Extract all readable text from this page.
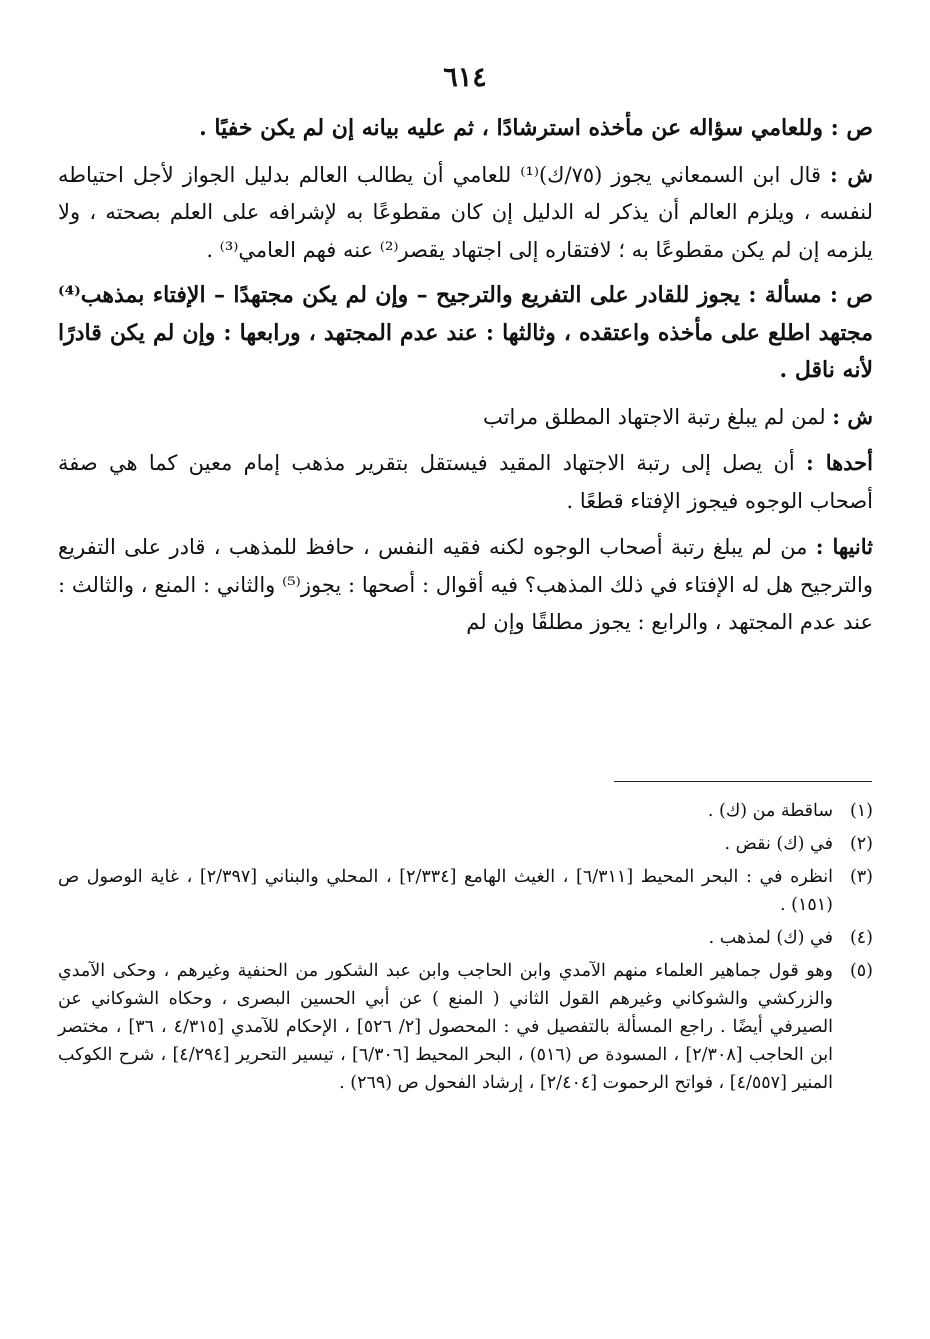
٦١٤

ص : وللعامي سؤاله عن مأخذه استرشادًا ، ثم عليه بيانه إن لم يكن خفيًا .

ش : قال ابن السمعاني يجوز (٧٥/ك)⁽¹⁾ للعامي أن يطالب العالم بدليل الجواز لأجل احتياطه لنفسه ، ويلزم العالم أن يذكر له الدليل إن كان مقطوعًا به لإشرافه على العلم بصحته ، ولا يلزمه إن لم يكن مقطوعًا به ؛ لافتقاره إلى اجتهاد يقصر⁽²⁾ عنه فهم العامي⁽³⁾ .

ص : مسألة : يجوز للقادر على التفريع والترجيح – وإن لم يكن مجتهدًا – الإفتاء بمذهب⁽⁴⁾ مجتهد اطلع على مأخذه واعتقده ، وثالثها : عند عدم المجتهد ، ورابعها : وإن لم يكن قادرًا لأنه ناقل .

ش : لمن لم يبلغ رتبة الاجتهاد المطلق مراتب

أحدها : أن يصل إلى رتبة الاجتهاد المقيد فيستقل بتقرير مذهب إمام معين كما هي صفة أصحاب الوجوه فيجوز الإفتاء قطعًا .

ثانيها : من لم يبلغ رتبة أصحاب الوجوه لكنه فقيه النفس ، حافظ للمذهب ، قادر على التفريع والترجيح هل له الإفتاء في ذلك المذهب؟ فيه أقوال : أصحها : يجوز⁽⁵⁾ والثاني : المنع ، والثالث : عند عدم المجتهد ، والرابع : يجوز مطلقًا وإن لم

(١)
ساقطة من (ك) .
(٢)
في (ك) نقض .
(٣)
انظره في : البحر المحيط [٦/٣١١] ، الغيث الهامع [٢/٣٣٤] ، المحلي والبناني [٢/٣٩٧] ، غاية الوصول ص (١٥١) .
(٤)
في (ك) لمذهب .
(٥)
وهو قول جماهير العلماء منهم الآمدي وابن الحاجب وابن عبد الشكور من الحنفية وغيرهم ، وحكى الآمدي والزركشي والشوكاني وغيرهم القول الثاني ( المنع ) عن أبي الحسين البصرى ، وحكاه الشوكاني عن الصيرفي أيضًا . راجع المسألة بالتفصيل في : المحصول [٢/ ٥٢٦] ، الإحكام للآمدي [٤/٣١٥ ، ٣٦] ، مختصر ابن الحاجب [٢/٣٠٨] ، المسودة ص (٥١٦) ، البحر المحيط [٦/٣٠٦] ، تيسير التحرير [٤/٢٩٤] ، شرح الكوكب المنير [٤/٥٥٧] ، فواتح الرحموت [٢/٤٠٤] ، إرشاد الفحول ص (٢٦٩) .
